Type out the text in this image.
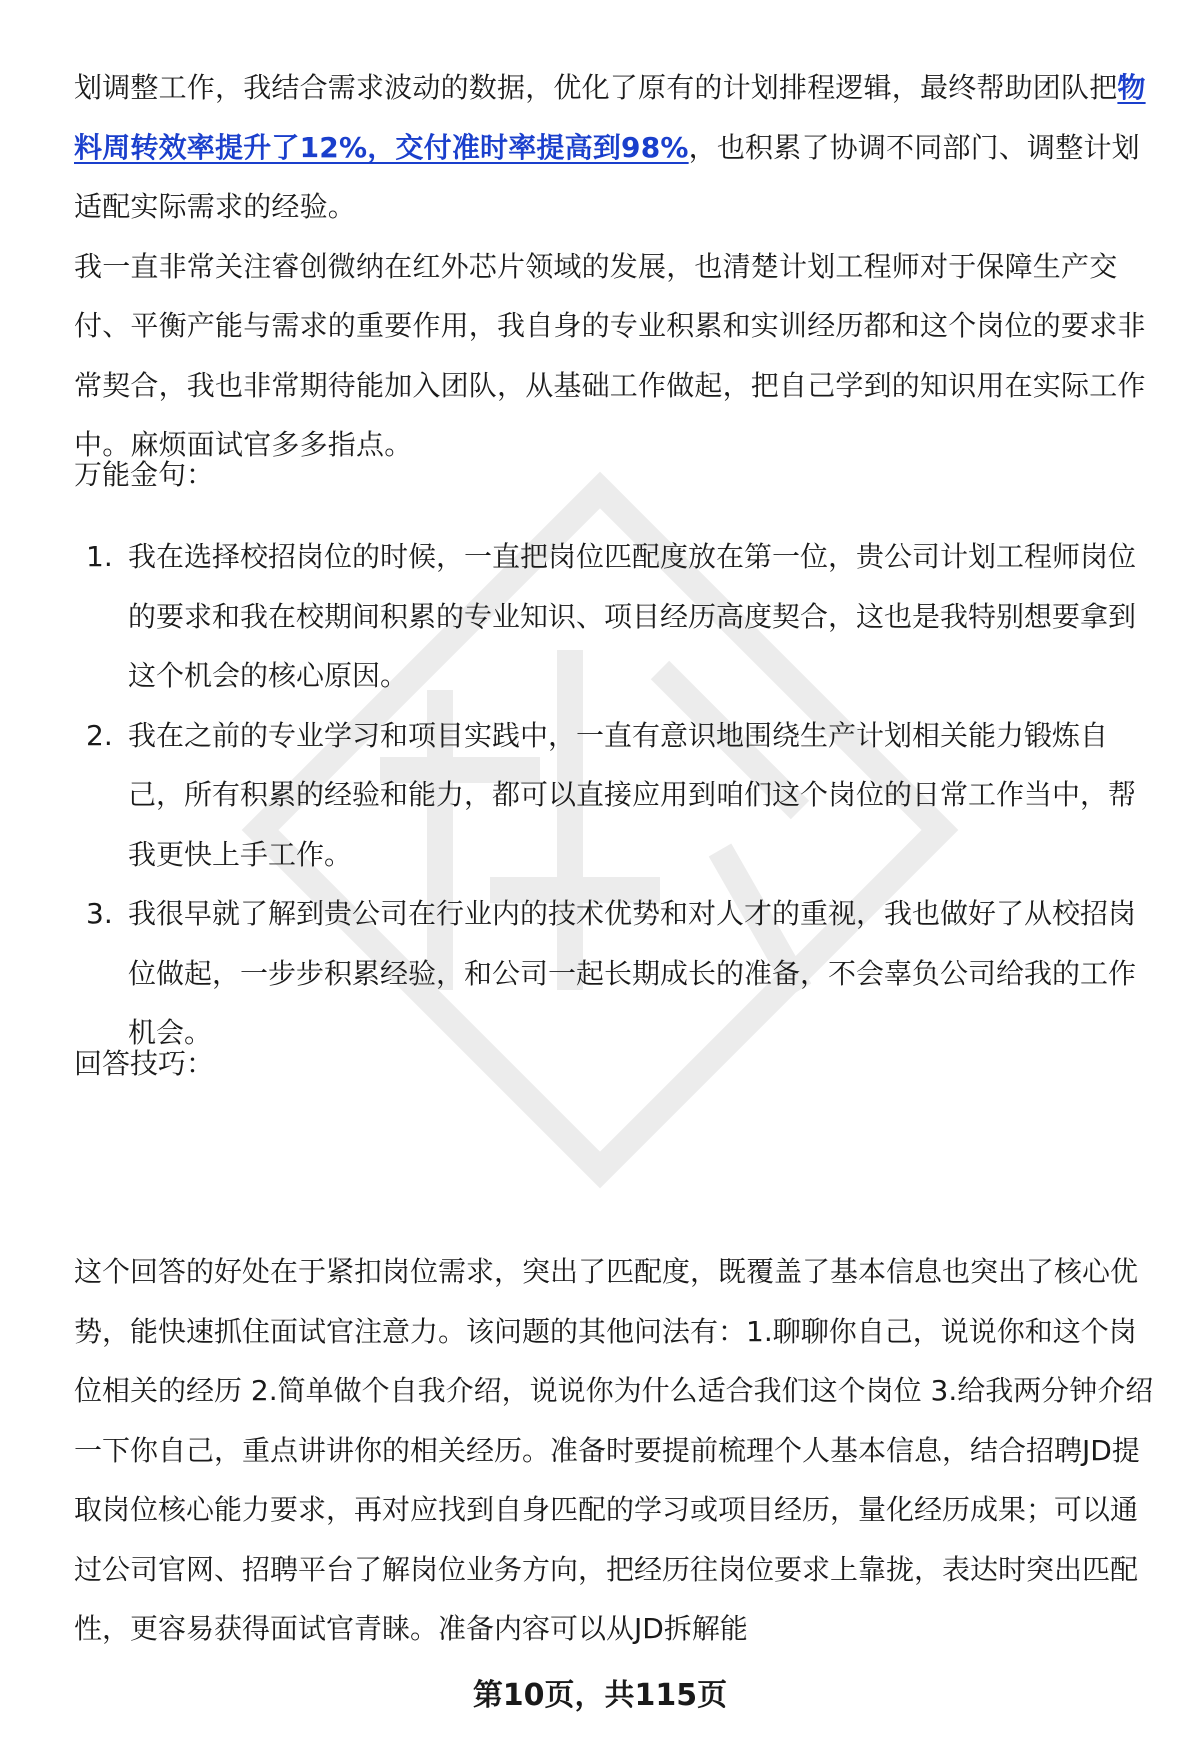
划调整工作，我结合需求波动的数据，优化了原有的计划排程逻辑，最终帮助团队把物料周转效率提升了12%，交付准时率提高到98%，也积累了协调不同部门、调整计划适配实际需求的经验。

我一直非常关注睿创微纳在红外芯片领域的发展，也清楚计划工程师对于保障生产交付、平衡产能与需求的重要作用，我自身的专业积累和实训经历都和这个岗位的要求非常契合，我也非常期待能加入团队，从基础工作做起，把自己学到的知识用在实际工作中。麻烦面试官多多指点。

万能金句：

1. 我在选择校招岗位的时候，一直把岗位匹配度放在第一位，贵公司计划工程师岗位的要求和我在校期间积累的专业知识、项目经历高度契合，这也是我特别想要拿到这个机会的核心原因。
2. 我在之前的专业学习和项目实践中，一直有意识地围绕生产计划相关能力锻炼自己，所有积累的经验和能力，都可以直接应用到咱们这个岗位的日常工作当中，帮我更快上手工作。
3. 我很早就了解到贵公司在行业内的技术优势和对人才的重视，我也做好了从校招岗位做起，一步步积累经验，和公司一起长期成长的准备，不会辜负公司给我的工作机会。

回答技巧：

这个回答的好处在于紧扣岗位需求，突出了匹配度，既覆盖了基本信息也突出了核心优势，能快速抓住面试官注意力。该问题的其他问法有：1.聊聊你自己，说说你和这个岗位相关的经历 2.简单做个自我介绍，说说你为什么适合我们这个岗位 3.给我两分钟介绍一下你自己，重点讲讲你的相关经历。准备时要提前梳理个人基本信息，结合招聘JD提取岗位核心能力要求，再对应找到自身匹配的学习或项目经历，量化经历成果；可以通过公司官网、招聘平台了解岗位业务方向，把经历往岗位要求上靠拢，表达时突出匹配性，更容易获得面试官青睐。准备内容可以从JD拆解能

第10页，共115页
